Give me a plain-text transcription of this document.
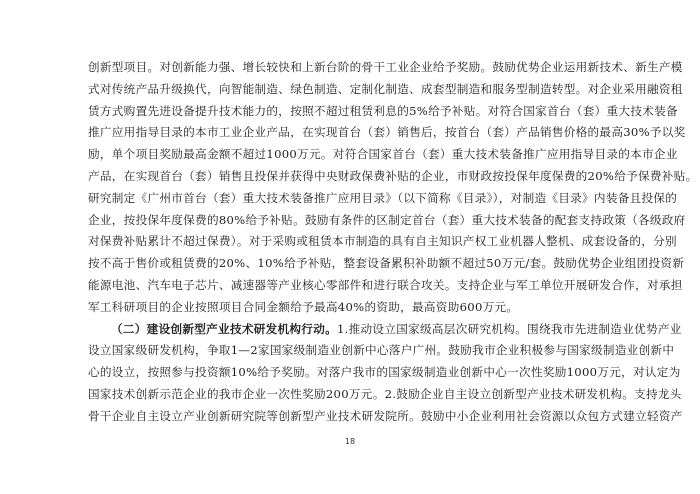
创新型项目。对创新能力强、增长较快和上新台阶的骨干工业企业给予奖励。鼓励优势企业运用新技术、新生产模
式对传统产品升级换代，向智能制造、绿色制造、定制化制造、成套型制造和服务型制造转型。对企业采用融资租
赁方式购置先进设备提升技术能力的，按照不超过租赁利息的5%给予补贴。对符合国家首台（套）重大技术装备
推广应用指导目录的本市工业企业产品，在实现首台（套）销售后，按首台（套）产品销售价格的最高30%予以奖
励，单个项目奖励最高金额不超过1000万元。对符合国家首台（套）重大技术装备推广应用指导目录的本市企业
产品，在实现首台（套）销售且投保并获得中央财政保费补贴的企业，市财政按投保年度保费的20%给予保费补贴。
研究制定《广州市首台（套）重大技术装备推广应用目录》（以下简称《目录》），对制造《目录》内装备且投保的
企业，按投保年度保费的80%给予补贴。鼓励有条件的区制定首台（套）重大技术装备的配套支持政策（各级政府
对保费补贴累计不超过保费）。对于采购或租赁本市制造的具有自主知识产权工业机器人整机、成套设备的，分别
按不高于售价或租赁费的20%、10%给予补贴，整套设备累积补助额不超过50万元/套。鼓励优势企业组团投资新
能源电池、汽车电子芯片、减速器等产业核心零部件和进行联合攻关。支持企业与军工单位开展研发合作，对承担
军工科研项目的企业按照项目合同金额给予最高40%的资助，最高资助600万元。
（二）建设创新型产业技术研发机构行动。1.推动设立国家级高层次研究机构。围绕我市先进制造业优势产业
设立国家级研发机构，争取1—2家国家级制造业创新中心落户广州。鼓励我市企业积极参与国家级制造业创新中
心的设立，按照参与投资额10%给予奖励。对落户我市的国家级制造业创新中心一次性奖励1000万元，对认定为
国家技术创新示范企业的我市企业一次性奖励200万元。2.鼓励企业自主设立创新型产业技术研发机构。支持龙头
骨干企业自主设立产业创新研究院等创新型产业技术研发院所。鼓励中小企业利用社会资源以众包方式建立轻资产
18
